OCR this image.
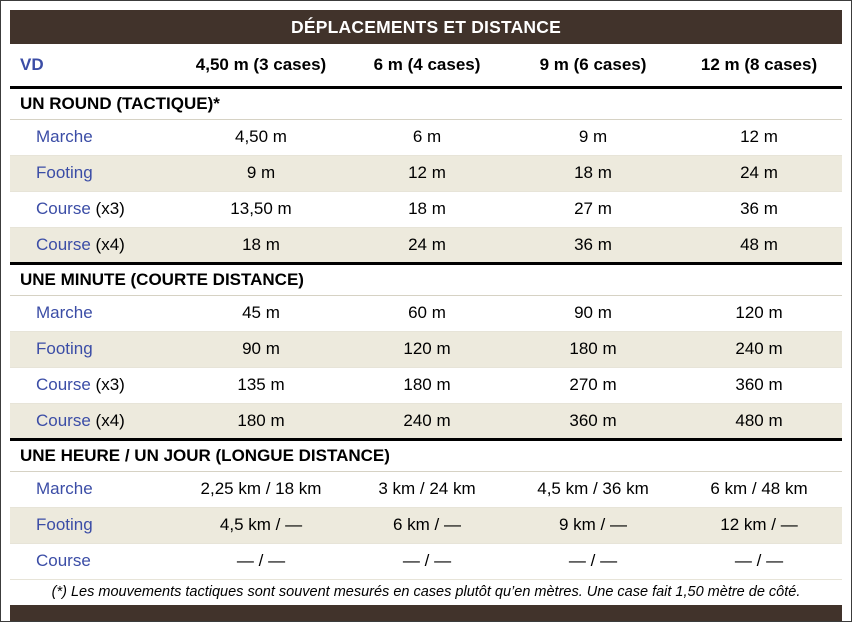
DÉPLACEMENTS ET DISTANCE
VD	4,50 m (3 cases)	6 m (4 cases)	9 m (6 cases)	12 m (8 cases)
UN ROUND (TACTIQUE)*				
Marche	4,50 m	6 m	9 m	12 m
Footing	9 m	12 m	18 m	24 m
Course (x3)	13,50 m	18 m	27 m	36 m
Course (x4)	18 m	24 m	36 m	48 m
UNE MINUTE (COURTE DISTANCE)				
Marche	45 m	60 m	90 m	120 m
Footing	90 m	120 m	180 m	240 m
Course (x3)	135 m	180 m	270 m	360 m
Course (x4)	180 m	240 m	360 m	480 m
UNE HEURE / UN JOUR (LONGUE DISTANCE)				
Marche	2,25 km / 18 km	3 km / 24 km	4,5 km / 36 km	6 km / 48 km
Footing	4,5 km / —	6 km / —	9 km / —	12 km / —
Course	— / —	— / —	— / —	— / —
(*) Les mouvements tactiques sont souvent mesurés en cases plutôt qu’en mètres. Une case fait 1,50 mètre de côté.				
